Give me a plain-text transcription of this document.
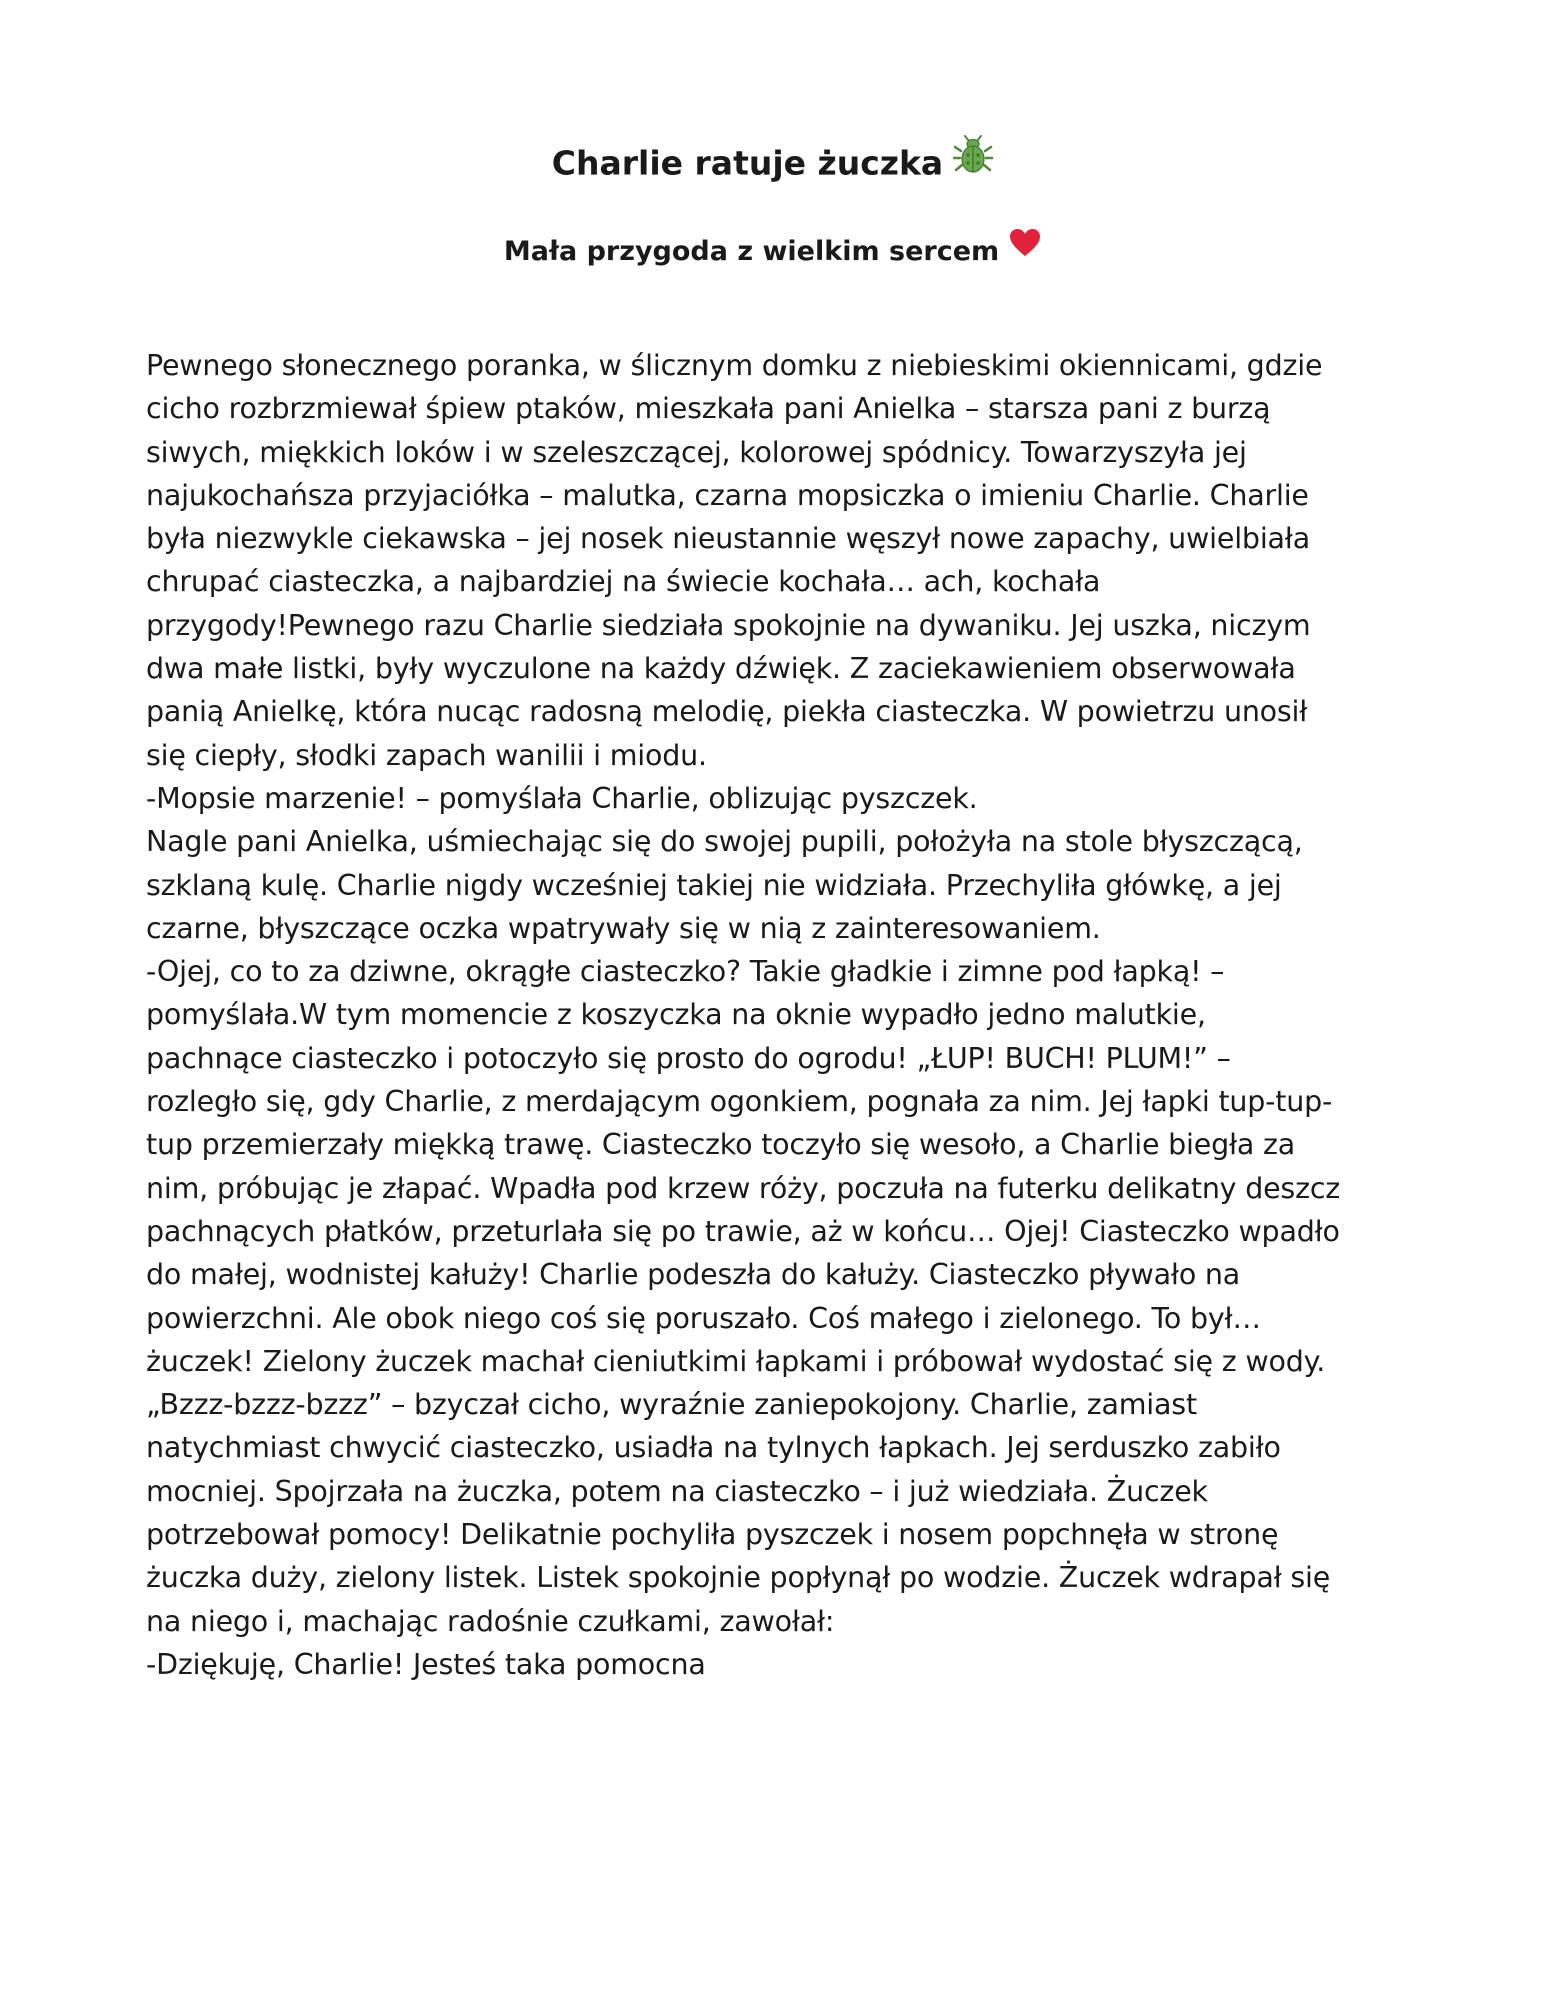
Charlie ratuje żuczka
Mała przygoda z wielkim sercem
Pewnego słonecznego poranka, w ślicznym domku z niebieskimi okiennicami, gdzie
cicho rozbrzmiewał śpiew ptaków, mieszkała pani Anielka – starsza pani z burzą
siwych, miękkich loków i w szeleszczącej, kolorowej spódnicy. Towarzyszyła jej
najukochańsza przyjaciółka – malutka, czarna mopsiczka o imieniu Charlie. Charlie
była niezwykle ciekawska – jej nosek nieustannie węszył nowe zapachy, uwielbiała
chrupać ciasteczka, a najbardziej na świecie kochała… ach, kochała
przygody!Pewnego razu Charlie siedziała spokojnie na dywaniku. Jej uszka, niczym
dwa małe listki, były wyczulone na każdy dźwięk. Z zaciekawieniem obserwowała
panią Anielkę, która nucąc radosną melodię, piekła ciasteczka. W powietrzu unosił
się ciepły, słodki zapach wanilii i miodu.
-Mopsie marzenie! – pomyślała Charlie, oblizując pyszczek.
Nagle pani Anielka, uśmiechając się do swojej pupili, położyła na stole błyszczącą,
szklaną kulę. Charlie nigdy wcześniej takiej nie widziała. Przechyliła główkę, a jej
czarne, błyszczące oczka wpatrywały się w nią z zainteresowaniem.
-Ojej, co to za dziwne, okrągłe ciasteczko? Takie gładkie i zimne pod łapką! –
pomyślała.W tym momencie z koszyczka na oknie wypadło jedno malutkie,
pachnące ciasteczko i potoczyło się prosto do ogrodu! „ŁUP! BUCH! PLUM!” –
rozległo się, gdy Charlie, z merdającym ogonkiem, pognała za nim. Jej łapki tup-tup-
tup przemierzały miękką trawę. Ciasteczko toczyło się wesoło, a Charlie biegła za
nim, próbując je złapać. Wpadła pod krzew róży, poczuła na futerku delikatny deszcz
pachnących płatków, przeturlała się po trawie, aż w końcu… Ojej! Ciasteczko wpadło
do małej, wodnistej kałuży! Charlie podeszła do kałuży. Ciasteczko pływało na
powierzchni. Ale obok niego coś się poruszało. Coś małego i zielonego. To był…
żuczek! Zielony żuczek machał cieniutkimi łapkami i próbował wydostać się z wody.
„Bzzz-bzzz-bzzz” – bzyczał cicho, wyraźnie zaniepokojony. Charlie, zamiast
natychmiast chwycić ciasteczko, usiadła na tylnych łapkach. Jej serduszko zabiło
mocniej. Spojrzała na żuczka, potem na ciasteczko – i już wiedziała. Żuczek
potrzebował pomocy! Delikatnie pochyliła pyszczek i nosem popchnęła w stronę
żuczka duży, zielony listek. Listek spokojnie popłynął po wodzie. Żuczek wdrapał się
na niego i, machając radośnie czułkami, zawołał:
-Dziękuję, Charlie! Jesteś taka pomocna
